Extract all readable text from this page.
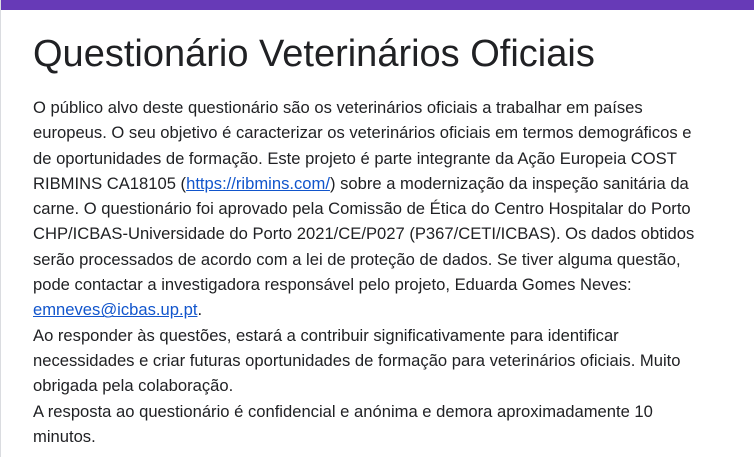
Questionário Veterinários Oficiais
O público alvo deste questionário são os veterinários oficiais a trabalhar em países
europeus. O seu objetivo é caracterizar os veterinários oficiais em termos demográficos e
de oportunidades de formação. Este projeto é parte integrante da Ação Europeia COST
RIBMINS CA18105 (https://ribmins.com/) sobre a modernização da inspeção sanitária da
carne. O questionário foi aprovado pela Comissão de Ética do Centro Hospitalar do Porto
CHP/ICBAS-Universidade do Porto 2021/CE/P027 (P367/CETI/ICBAS). Os dados obtidos
serão processados de acordo com a lei de proteção de dados. Se tiver alguma questão,
pode contactar a investigadora responsável pelo projeto, Eduarda Gomes Neves:
emneves@icbas.up.pt.
Ao responder às questões, estará a contribuir significativamente para identificar
necessidades e criar futuras oportunidades de formação para veterinários oficiais. Muito
obrigada pela colaboração.
A resposta ao questionário é confidencial e anónima e demora aproximadamente 10
minutos.
